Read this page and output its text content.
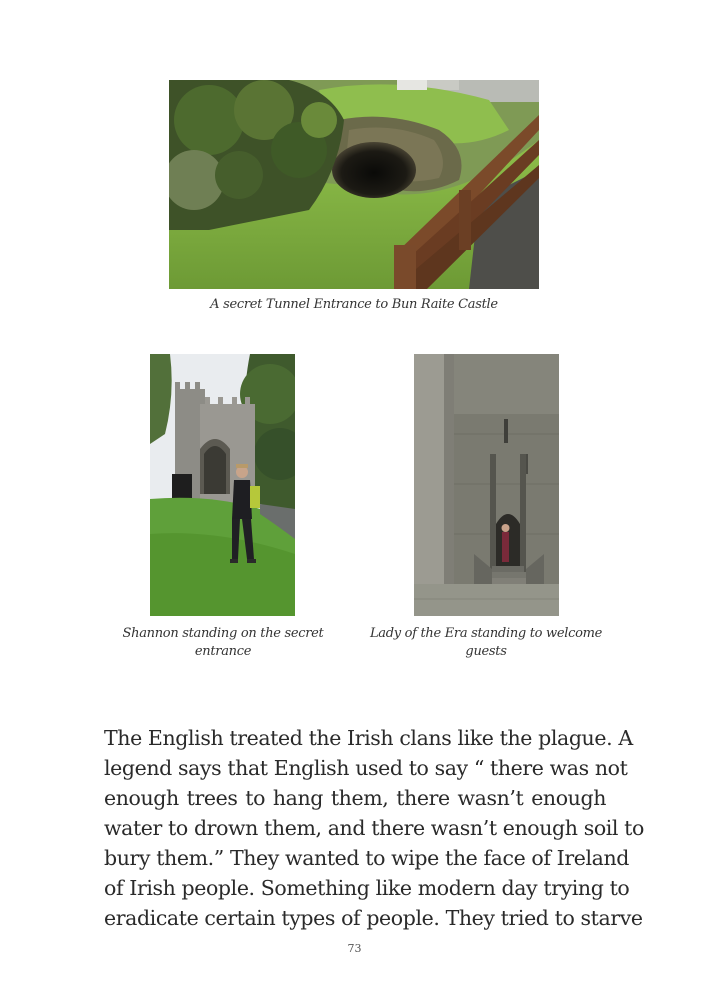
A secret Tunnel Entrance to Bun Raite Castle
Shannon standing on the secret
entrance
Lady of the Era standing to welcome
guests
The English treated the Irish clans like the plague. A
legend says that English used to say “ there was not
enough trees to hang them, there wasn’t enough
water to drown them, and there wasn’t enough soil to
bury them.” They wanted to wipe the face of Ireland
of Irish people. Something like modern day trying to
eradicate certain types of people. They tried to starve
73
